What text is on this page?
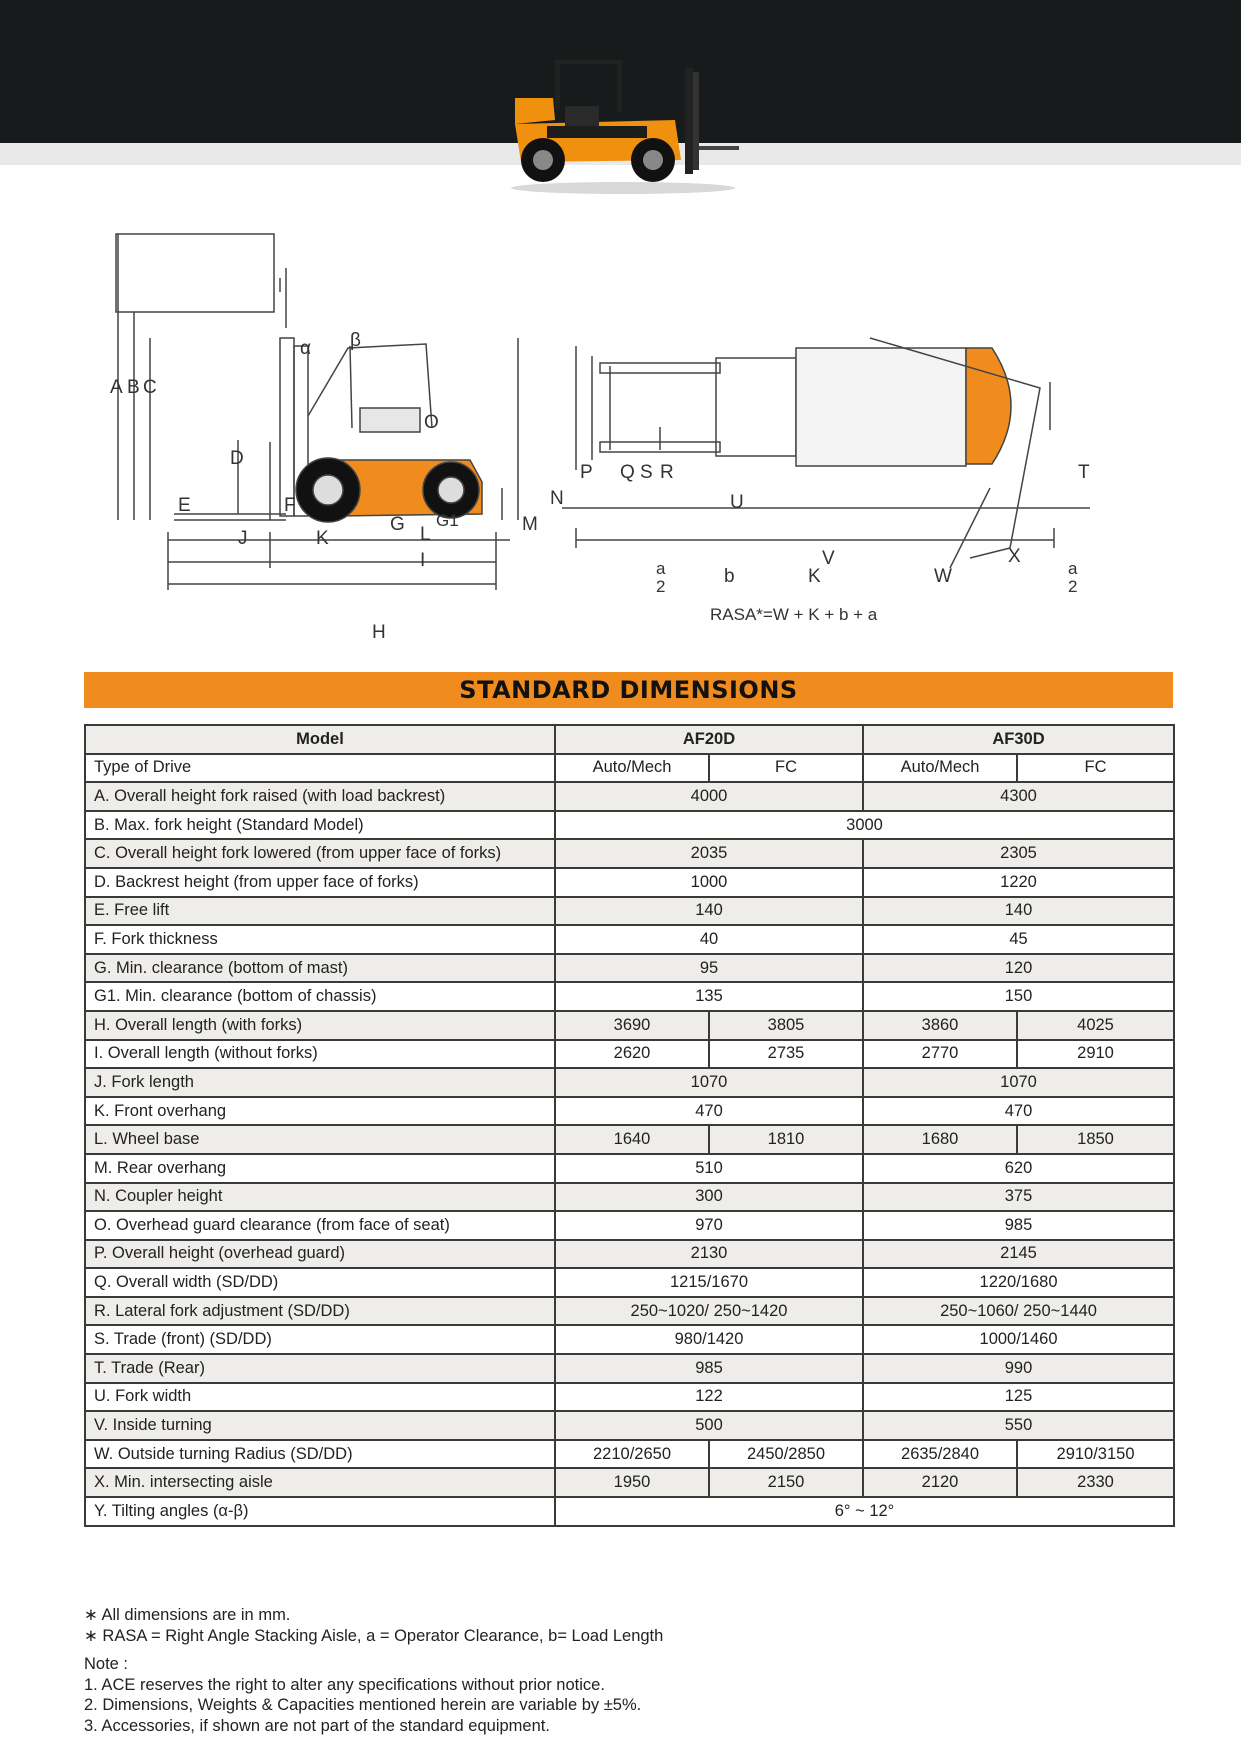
A B C
D
E	F
G G1
J	K	L
I
H
M
N
O
P
α β
Q S R
U
T
V
W
X
a
2	b	K	a
2
RASA*=W + K + b + a
STANDARD DIMENSIONS
Model	AF20D		AF30D	
Type of Drive	Auto/Mech	FC	Auto/Mech	FC
A. Overall height fork raised (with load backrest)	4000		4300	
B. Max. fork height (Standard Model)	3000			
C. Overall height fork lowered (from upper face of forks)	2035		2305	
D. Backrest height (from upper face of forks)	1000		1220	
E. Free lift	140		140	
F. Fork thickness	40		45	
G. Min. clearance (bottom of mast)	95		120	
G1. Min. clearance (bottom of chassis)	135		150	
H. Overall length (with forks)	3690	3805	3860	4025
I. Overall length (without forks)	2620	2735	2770	2910
J. Fork length	1070		1070	
K. Front overhang	470		470	
L. Wheel base	1640	1810	1680	1850
M. Rear overhang	510		620	
N. Coupler height	300		375	
O. Overhead guard clearance (from face of seat)	970		985	
P. Overall height (overhead guard)	2130		2145	
Q. Overall width (SD/DD)	1215/1670		1220/1680	
R. Lateral fork adjustment (SD/DD)	250~1020/ 250~1420		250~1060/ 250~1440	
S. Trade (front) (SD/DD)	980/1420		1000/1460	
T. Trade (Rear)	985		990	
U. Fork width	122		125	
V. Inside turning	500		550	
W. Outside turning Radius (SD/DD)	2210/2650	2450/2850	2635/2840	2910/3150
X. Min. intersecting aisle	1950	2150	2120	2330
Y. Tilting angles (α-β)	6° ~ 12°			

∗ All dimensions are in mm.

∗ RASA = Right Angle Stacking Aisle, a = Operator Clearance, b= Load Length

Note :

1. ACE reserves the right to alter any specifications without prior notice.

2. Dimensions, Weights & Capacities mentioned herein are variable by ±5%.

3. Accessories, if shown are not part of the standard equipment.
